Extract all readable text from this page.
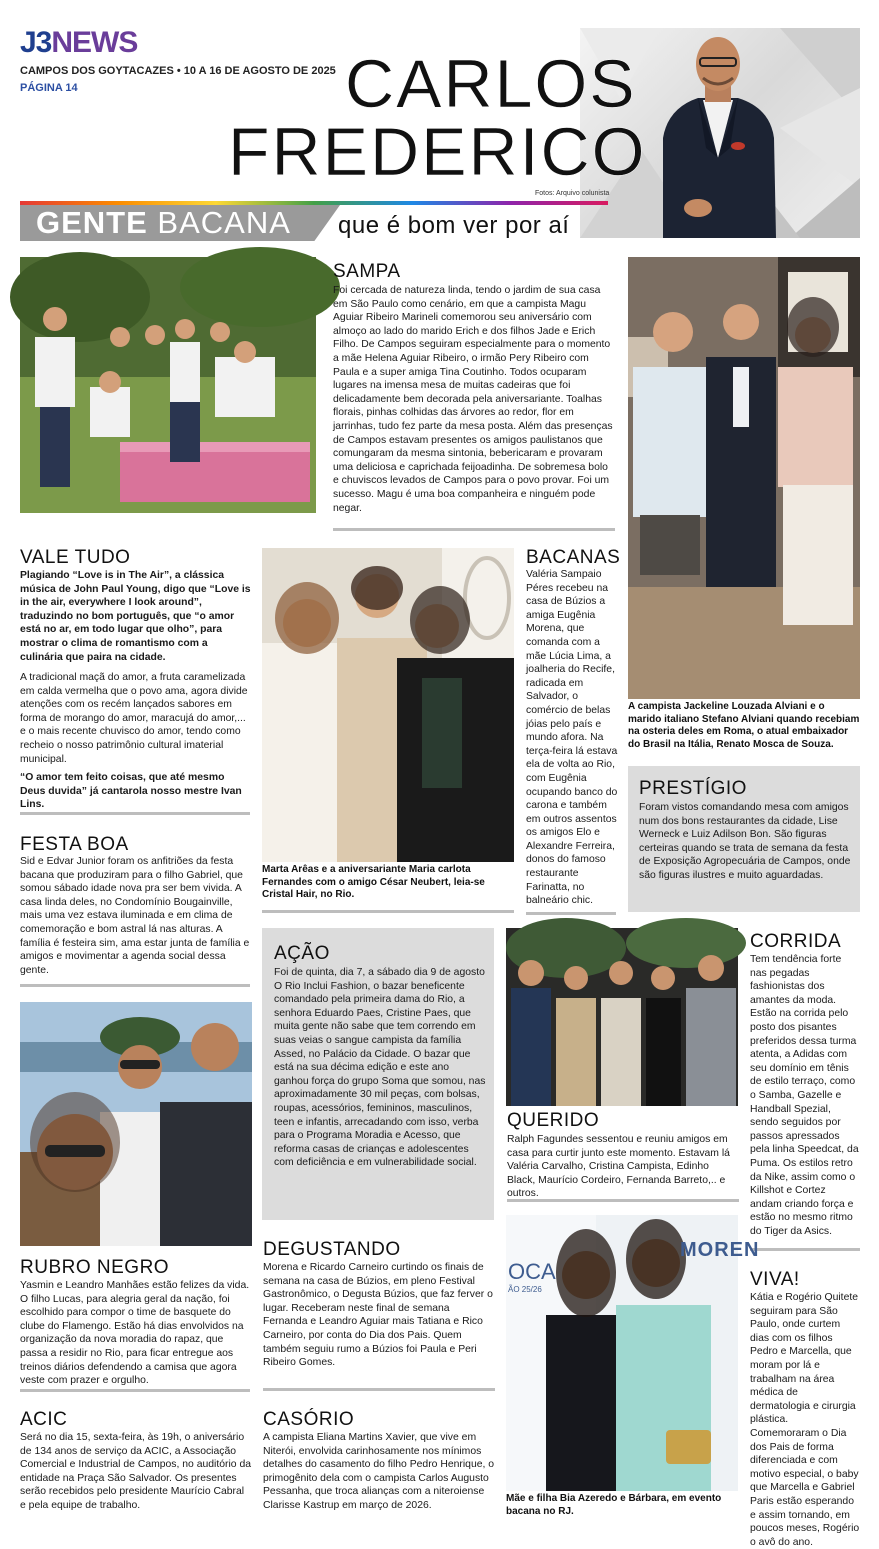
J3NEWS
CAMPOS DOS GOYTACAZES • 10 A 16 DE AGOSTO DE 2025
PÁGINA 14	CARLOS
FREDERICO
Fotos: Arquivo colunista
GENTE BACANA que é bom ver por aí
SAMPA

Foi cercada de natureza linda, tendo o jardim de sua casa em São Paulo como cenário, em que a campista Magu Aguiar Ribeiro Marineli comemorou seu aniversário com almoço ao lado do marido Erich e dos filhos Jade e Erich Filho. De Campos seguiram especialmente para o momento a mãe Helena Aguiar Ribeiro, o irmão Pery Ribeiro com Paula e a super amiga Tina Coutinho. Todos ocuparam lugares na imensa mesa de muitas cadeiras que foi delicadamente bem decorada pela aniversariante. Toalhas florais, pinhas colhidas das árvores ao redor, flor em jarrinhas, tudo fez parte da mesa posta. Além das presenças de Campos estavam presentes os amigos paulistanos que comungaram da mesma sintonia, bebericaram e provaram uma deliciosa e caprichada feijoadinha. De sobremesa bolo e chuviscos levados de Campos para o povo provar. Foi um sucesso. Magu é uma boa companheira e ninguém pode negar.

A campista Jackeline Louzada Alviani e o marido italiano Stefano Alviani quando recebiam na osteria deles em Roma, o atual embaixador do Brasil na Itália, Renato Mosca de Souza.

VALE TUDO

Plagiando “Love is in The Air”, a clássica música de John Paul Young, digo que “Love is in the air, everywhere I look around”, traduzindo no bom português, que “o amor está no ar, em todo lugar que olho”, para mostrar o clima de romantismo com a culinária que paira na cidade.

A tradicional maçã do amor, a fruta caramelizada em calda vermelha que o povo ama, agora divide atenções com os recém lançados sabores em forma de morango do amor, maracujá do amor,... e o mais recente chuvisco do amor, tendo como recheio o nosso patrimônio cultural imaterial municipal.

“O amor tem feito coisas, que até mesmo Deus duvida” já cantarola nosso mestre Ivan Lins.

Marta Arêas e a aniversariante Maria carlota Fernandes com o amigo César Neubert, leia-se Cristal Hair, no Rio.

BACANAS

Valéria Sampaio Péres recebeu na casa de Búzios a amiga Eugênia Morena, que comanda com a mãe Lúcia Lima, a joalheria do Recife, radicada em Salvador, o comércio de belas jóias pelo país e mundo afora. Na terça-feira lá estava ela de volta ao Rio, com Eugênia ocupando banco do carona e também em outros assentos os amigos Elo e Alexandre Ferreira, donos do famoso restaurante Farinatta, no balneário chic.

FESTA BOA

Sid e Edvar Junior foram os anfitriões da festa bacana que produziram para o filho Gabriel, que somou sábado idade nova pra ser bem vivida. A casa linda deles, no Condomínio Bougainville, mais uma vez estava iluminada e em clima de comemoração e bom astral lá nas alturas. A família é festeira sim, ama estar junta de família e amigos e movimentar a agenda social dessa gente.

PRESTÍGIO

Foram vistos comandando mesa com amigos num dos bons restaurantes da cidade, Lise Werneck e Luiz Adilson Bon. São figuras certeiras quando se trata de semana da festa de Exposição Agropecuária de Campos, onde são figuras ilustres e muito aguardadas.

AÇÃO

Foi de quinta, dia 7, a sábado dia 9 de agosto O Rio Inclui Fashion, o bazar beneficente comandado pela primeira dama do Rio, a senhora Eduardo Paes, Cristine Paes, que muita gente não sabe que tem correndo em suas veias o sangue campista da família Assed, no Palácio da Cidade. O bazar que está na sua décima edição e este ano ganhou força do grupo Soma que somou, nas aproximadamente 30 mil peças, com bolsas, roupas, acessórios, femininos, masculinos, teen e infantis, arrecadando com isso, verba para o Programa Moradia e Acesso, que reforma casas de crianças e adolescentes com deficiência e em vulnerabilidade social.

QUERIDO

Ralph Fagundes sessentou e reuniu amigos em casa para curtir junto este momento. Estavam lá Valéria Carvalho, Cristina Campista, Edinho Black, Maurício Cordeiro, Fernanda Barreto,.. e outros.

CORRIDA

Tem tendência forte nas pegadas fashionistas dos amantes da moda. Estão na corrida pelo posto dos pisantes preferidos dessa turma atenta, a Adidas com seu domínio em tênis de estilo terraço, como o Samba, Gazelle e Handball Spezial, sendo seguidos por passos apressados pela linha Speedcat, da Puma. Os estilos retro da Nike, assim como o Killshot e Cortez andam criando força e estão no mesmo ritmo do Tiger da Asics.

RUBRO NEGRO

Yasmin e Leandro Manhães estão felizes da vida. O filho Lucas, para alegria geral da nação, foi escolhido para compor o time de basquete do clube do Flamengo. Estão há dias envolvidos na organização da nova moradia do rapaz, que passa a residir no Rio, para ficar entregue aos treinos diários defendendo a camisa que agora veste com prazer e orgulho.

DEGUSTANDO

Morena e Ricardo Carneiro curtindo os finais de semana na casa de Búzios, em pleno Festival Gastronômico, o Degusta Búzios, que faz ferver o lugar. Receberam neste final de semana Fernanda e Leandro Aguiar mais Tatiana e Rico Carneiro, por conta do Dia dos Pais. Quem também seguiu rumo a Búzios foi Paula e Peri Ribeiro Gomes.

MOREN
OCA
ÃO 25/26

Mãe e filha Bia Azeredo e Bárbara, em evento bacana no RJ.

VIVA!

Kátia e Rogério Quitete seguiram para São Paulo, onde curtem dias com os filhos Pedro e Marcella, que moram por lá e trabalham na área médica de dermatologia e cirurgia plástica. Comemoraram o Dia dos Pais de forma diferenciada e com motivo especial, o baby que Marcella e Gabriel Paris estão esperando e assim tornando, em poucos meses, Rogério o avô do ano.

ACIC

Será no dia 15, sexta-feira, às 19h, o aniversário de 134 anos de serviço da ACIC, a Associação Comercial e Industrial de Campos, no auditório da entidade na Praça São Salvador. Os presentes serão recebidos pelo presidente Maurício Cabral e pela equipe de trabalho.

CASÓRIO

A campista Eliana Martins Xavier, que vive em Niterói, envolvida carinhosamente nos mínimos detalhes do casamento do filho Pedro Henrique, o primogênito dela com o campista Carlos Augusto Pessanha, que troca alianças com a niteroiense Clarisse Kastrup em março de 2026.
